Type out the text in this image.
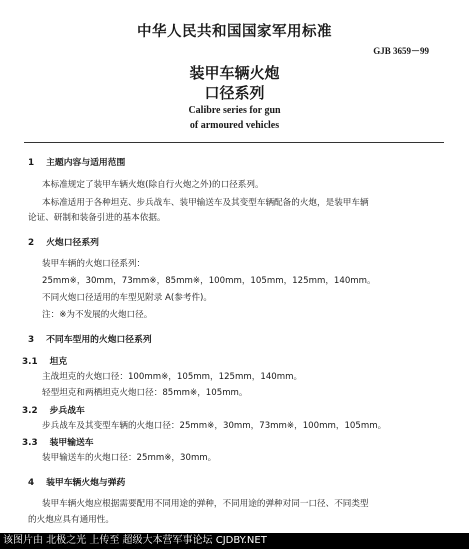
中华人民共和国国家军用标准
GJB 3659－99
装甲车辆火炮
口径系列
Calibre series for gun
of armoured vehicles
1 主题内容与适用范围
本标准规定了装甲车辆火炮(除自行火炮之外)的口径系列。
本标准适用于各种坦克、步兵战车、装甲输送车及其变型车辆配备的火炮，是装甲车辆
论证、研制和装备引进的基本依据。
2 火炮口径系列
装甲车辆的火炮口径系列：
25mm※，30mm，73mm※，85mm※，100mm，105mm，125mm，140mm。
不同火炮口径适用的车型见附录 A(参考件)。
注：※为不发展的火炮口径。
3 不同车型用的火炮口径系列
3.1 坦克
主战坦克的火炮口径：100mm※，105mm，125mm，140mm。
轻型坦克和两栖坦克火炮口径：85mm※，105mm。
3.2 步兵战车
步兵战车及其变型车辆的火炮口径：25mm※，30mm，73mm※，100mm，105mm。
3.3 装甲输送车
装甲输送车的火炮口径：25mm※，30mm。
4 装甲车辆火炮与弹药
装甲车辆火炮应根据需要配用不同用途的弹种，不同用途的弹种对同一口径、不同类型
的火炮应具有通用性。
该图片由 北极之光 上传至 超级大本营军事论坛 CJDBY.NET
